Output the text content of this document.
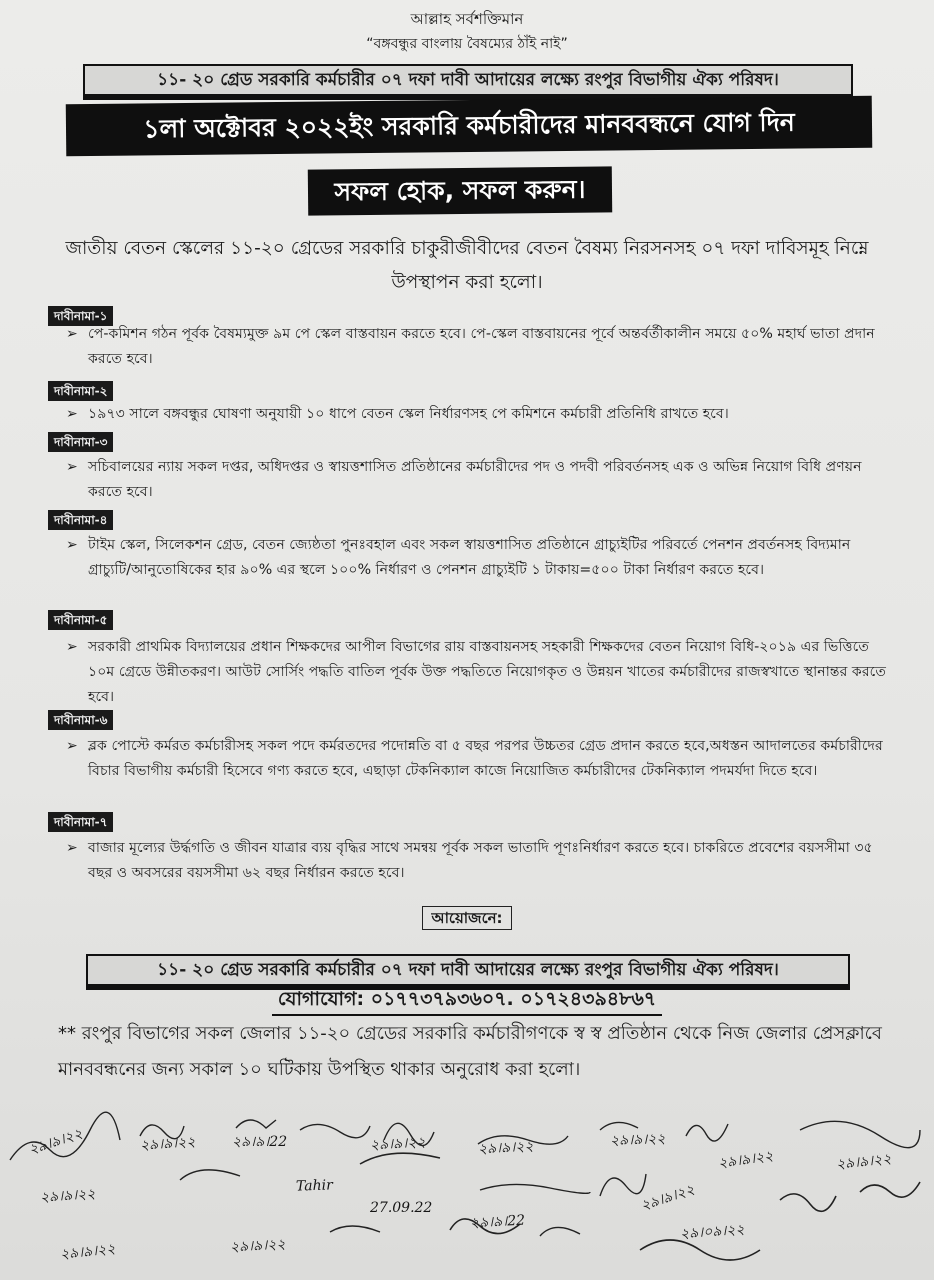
আল্লাহ সর্বশক্তিমান
“বঙ্গবন্ধুর বাংলায় বৈষম্যের ঠাঁই নাই”
১১- ২০ গ্রেড সরকারি কর্মচারীর ০৭ দফা দাবী আদায়ের লক্ষ্যে রংপুর বিভাগীয় ঐক্য পরিষদ।
১লা অক্টোবর ২০২২ইং সরকারি কর্মচারীদের মানববন্ধনে যোগ দিন
সফল হোক, সফল করুন।
জাতীয় বেতন স্কেলের ১১-২০ গ্রেডের সরকারি চাকুরীজীবীদের বেতন বৈষম্য নিরসনসহ ০৭ দফা দাবিসমূহ নিম্নে উপস্থাপন করা হলো।
দাবীনামা-১
➢ পে-কমিশন গঠন পূর্বক বৈষম্যমুক্ত ৯ম পে স্কেল বাস্তবায়ন করতে হবে। পে-স্কেল বাস্তবায়নের পূর্বে অন্তর্বর্তীকালীন সময়ে ৫০% মহার্ঘ ভাতা প্রদান করতে হবে।
দাবীনামা-২
➢ ১৯৭৩ সালে বঙ্গবন্ধুর ঘোষণা অনুযায়ী ১০ ধাপে বেতন স্কেল নির্ধারণসহ পে কমিশনে কর্মচারী প্রতিনিধি রাখতে হবে।
দাবীনামা-৩
➢ সচিবালয়ের ন্যায় সকল দপ্তর, অধিদপ্তর ও স্বায়ত্তশাসিত প্রতিষ্ঠানের কর্মচারীদের পদ ও পদবী পরিবর্তনসহ এক ও অভিন্ন নিয়োগ বিধি প্রণয়ন করতে হবে।
দাবীনামা-৪
➢ টাইম স্কেল, সিলেকশন গ্রেড, বেতন জ্যেষ্ঠতা পুনঃবহাল এবং সকল স্বায়ত্তশাসিত প্রতিষ্ঠানে গ্রাচ্যুইটির পরিবর্তে পেনশন প্রবর্তনসহ বিদ্যমান গ্রাচ্যুটি/আনুতোষিকের হার ৯০% এর স্থলে ১০০% নির্ধারণ ও পেনশন গ্রাচ্যুইটি ১ টাকায়=৫০০ টাকা নির্ধারণ করতে হবে।
দাবীনামা-৫
➢ সরকারী প্রাথমিক বিদ্যালয়ের প্রধান শিক্ষকদের আপীল বিভাগের রায় বাস্তবায়নসহ সহকারী শিক্ষকদের বেতন নিয়োগ বিধি-২০১৯ এর ভিত্তিতে ১০ম গ্রেডে উন্নীতকরণ। আউট সোর্সিং পদ্ধতি বাতিল পূর্বক উক্ত পদ্ধতিতে নিয়োগকৃত ও উন্নয়ন খাতের কর্মচারীদের রাজস্বখাতে স্থানান্তর করতে হবে।
দাবীনামা-৬
➢ ব্লক পোস্টে কর্মরত কর্মচারীসহ সকল পদে কর্মরতদের পদোন্নতি বা ৫ বছর পরপর উচ্চতর গ্রেড প্রদান করতে হবে,অধস্তন আদালতের কর্মচারীদের বিচার বিভাগীয় কর্মচারী হিসেবে গণ্য করতে হবে, এছাড়া টেকনিক্যাল কাজে নিয়োজিত কর্মচারীদের টেকনিক্যাল পদমর্যদা দিতে হবে।
দাবীনামা-৭
➢ বাজার মূল্যের উর্দ্ধগতি ও জীবন যাত্রার ব্যয় বৃদ্ধির সাথে সমন্বয় পূর্বক সকল ভাতাদি পূণঃনির্ধারণ করতে হবে। চাকরিতে প্রবেশের বয়সসীমা ৩৫ বছর ও অবসরের বয়সসীমা ৬২ বছর নির্ধারন করতে হবে।
আয়োজনে:
১১- ২০ গ্রেড সরকারি কর্মচারীর ০৭ দফা দাবী আদায়ের লক্ষ্যে রংপুর বিভাগীয় ঐক্য পরিষদ।
যোগাযোগ: ০১৭৭৩৭৯৩৬০৭. ০১৭২৪৩৯৪৮৬৭
** রংপুর বিভাগের সকল জেলার ১১-২০ গ্রেডের সরকারি কর্মচারীগণকে স্ব স্ব প্রতিষ্ঠান থেকে নিজ জেলার প্রেসক্লাবে মানববন্ধনের জন্য সকাল ১০ ঘটিকায় উপস্থিত থাকার অনুরোধ করা হলো।
২৯।৯।২২	২৯।৯।২২	২৯।৯।22	২৯।৯।২২	২৯।৯।২২	২৯।৯।২২
২৯।৯।২২	২৯।৯।২২
২৯।৯।২২
Tahir
27.09.22
২৯।৯।22
২৯।৯।২২
২৯।০৯।২২
২৯।৯।২২	২৯।৯।২২
